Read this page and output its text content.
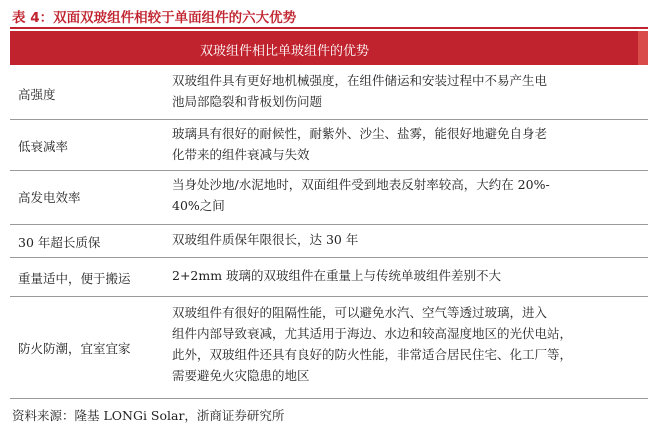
表 4：双面双玻组件相较于单面组件的六大优势
双玻组件相比单玻组件的优势
高强度
双玻组件具有更好地机械强度，在组件储运和安装过程中不易产生电
池局部隐裂和背板划伤问题
低衰减率
玻璃具有很好的耐候性，耐紫外、沙尘、盐雾，能很好地避免自身老
化带来的组件衰减与失效
高发电效率
当身处沙地/水泥地时，双面组件受到地表反射率较高，大约在 20%-
40%之间
30 年超长质保	双玻组件质保年限很长，达 30 年
重量适中，便于搬运	2+2mm 玻璃的双玻组件在重量上与传统单玻组件差别不大
防火防潮，宜室宜家
双玻组件有很好的阻隔性能，可以避免水汽、空气等透过玻璃，进入
组件内部导致衰减，尤其适用于海边、水边和较高湿度地区的光伏电站，
此外，双玻组件还具有良好的防火性能，非常适合居民住宅、化工厂等，
需要避免火灾隐患的地区
资料来源：隆基 LONGi Solar，浙商证券研究所
